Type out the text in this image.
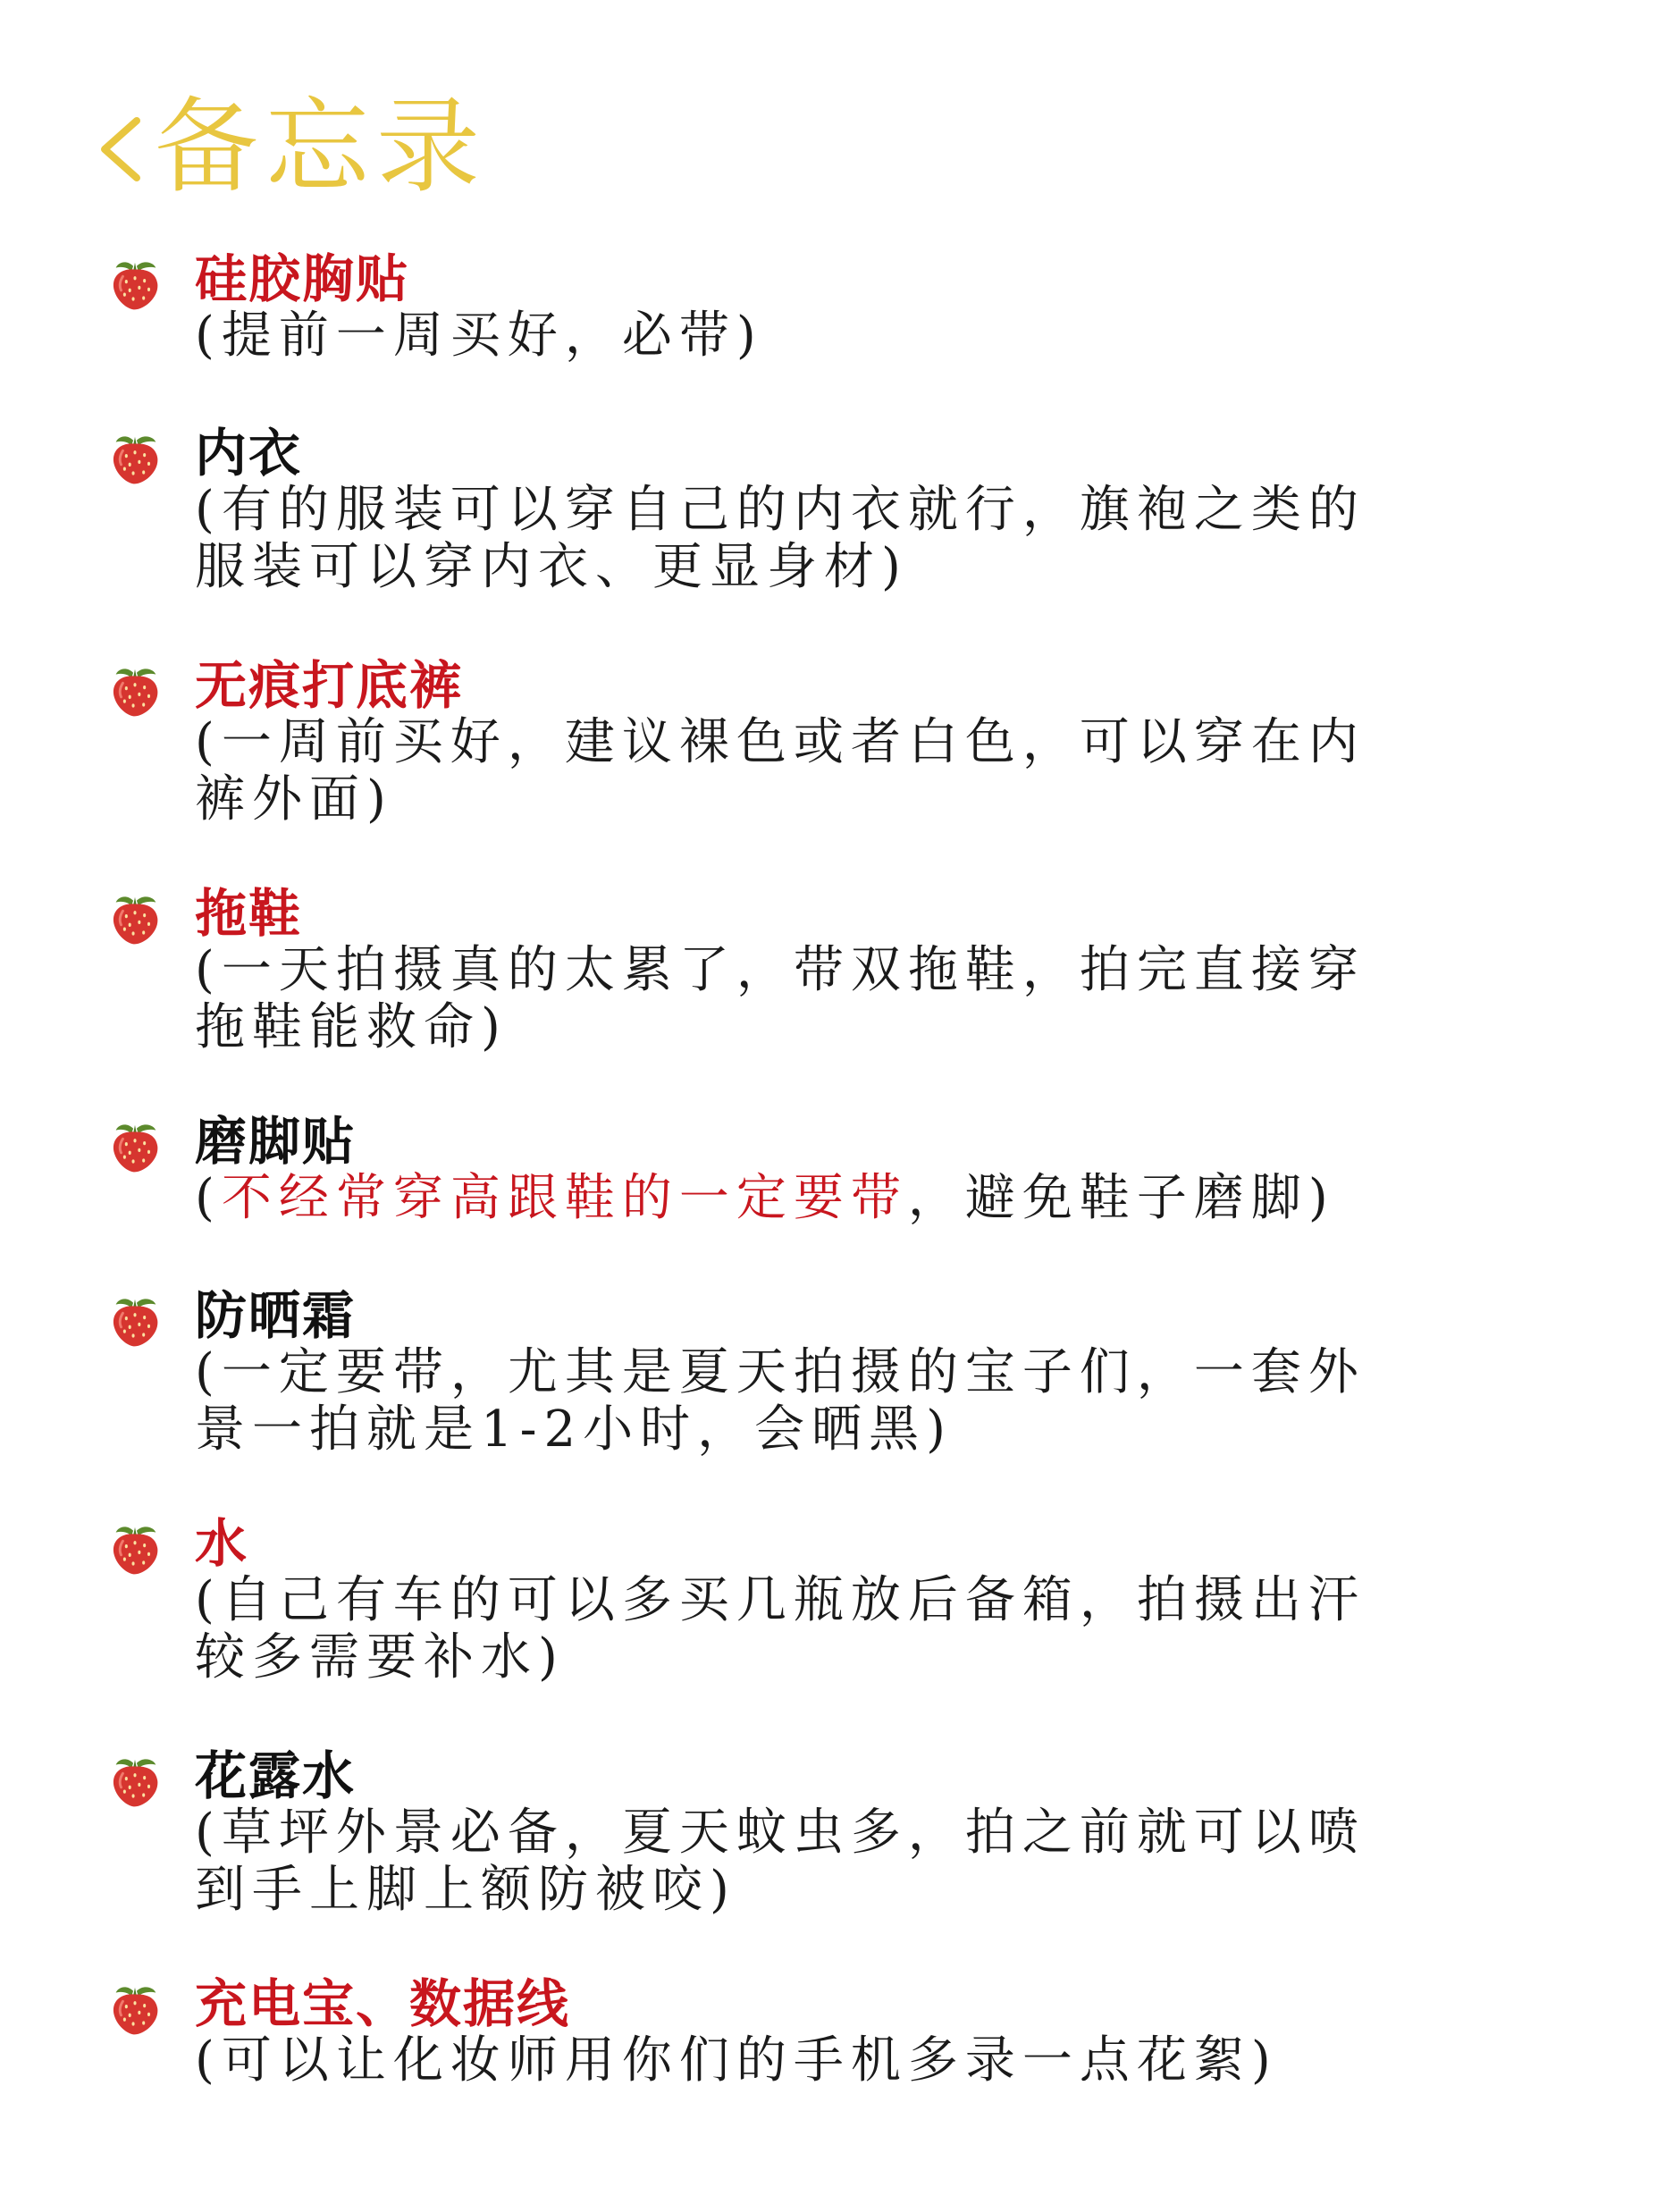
备忘录
硅胶胸贴
(提前一周买好，必带)
内衣
(有的服装可以穿自己的内衣就行，旗袍之类的
服装可以穿内衣、更显身材)
无痕打底裤
(一周前买好，建议裸色或者白色，可以穿在内
裤外面)
拖鞋
(一天拍摄真的太累了，带双拖鞋，拍完直接穿
拖鞋能救命)
磨脚贴
(不经常穿高跟鞋的一定要带，避免鞋子磨脚)
防晒霜
(一定要带，尤其是夏天拍摄的宝子们，一套外
景一拍就是1-2小时，会晒黑)
水
(自己有车的可以多买几瓶放后备箱，拍摄出汗
较多需要补水)
花露水
(草坪外景必备，夏天蚊虫多，拍之前就可以喷
到手上脚上额防被咬)
充电宝、数据线
(可以让化妆师用你们的手机多录一点花絮)
